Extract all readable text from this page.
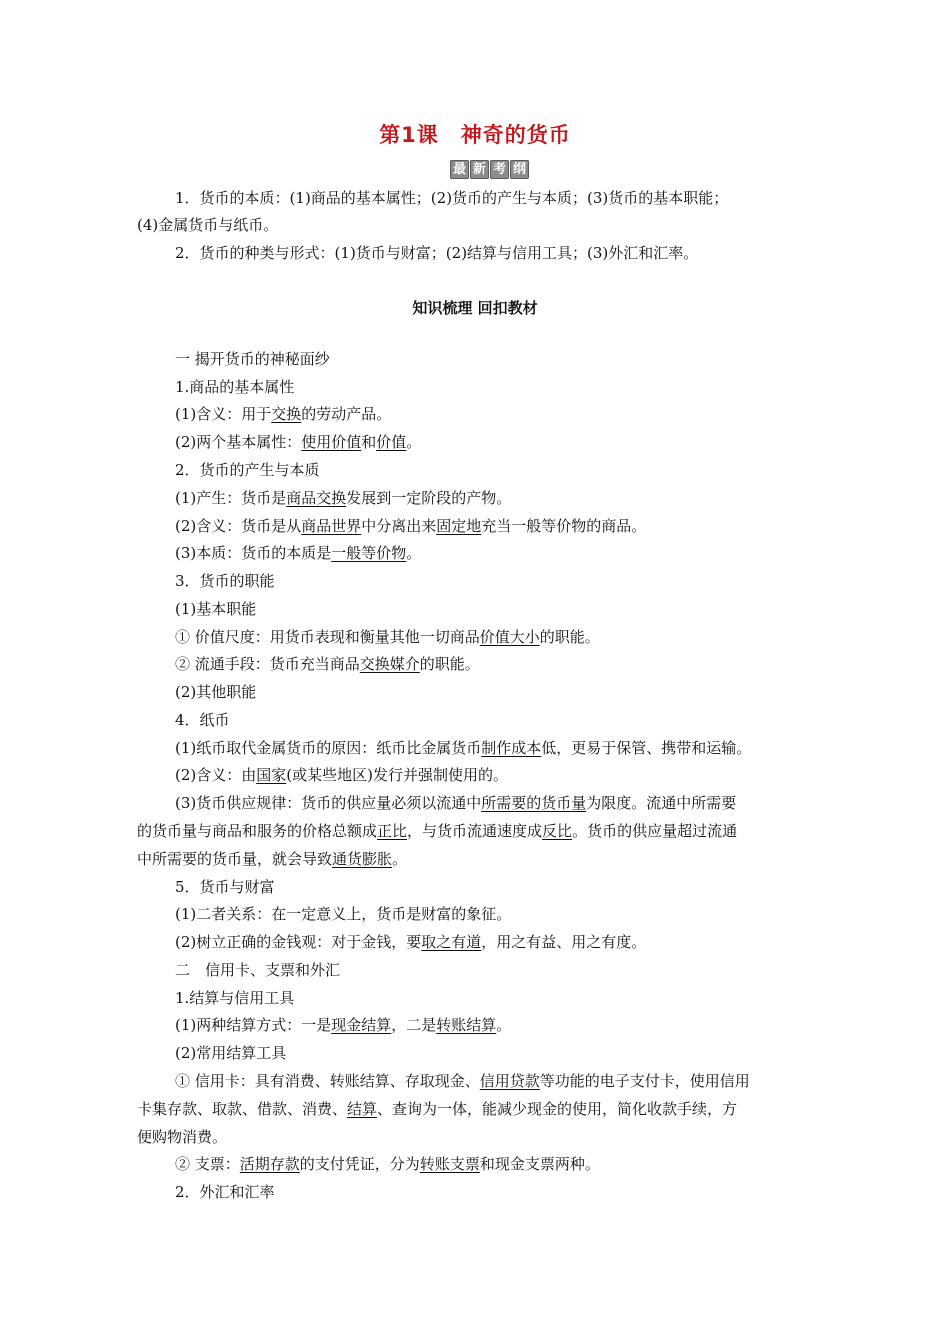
第1课　神奇的货币
最 新 考 纲
1．货币的本质：(1)商品的基本属性；(2)货币的产生与本质；(3)货币的基本职能；
(4)金属货币与纸币。
2．货币的种类与形式：(1)货币与财富；(2)结算与信用工具；(3)外汇和汇率。
知识梳理 回扣教材
一 揭开货币的神秘面纱
1.商品的基本属性
(1)含义：用于交换的劳动产品。
(2)两个基本属性：使用价值和价值。
2．货币的产生与本质
(1)产生：货币是商品交换发展到一定阶段的产物。
(2)含义：货币是从商品世界中分离出来固定地充当一般等价物的商品。
(3)本质：货币的本质是一般等价物。
3．货币的职能
(1)基本职能
① 价值尺度：用货币表现和衡量其他一切商品价值大小的职能。
② 流通手段：货币充当商品交换媒介的职能。
(2)其他职能
4．纸币
(1)纸币取代金属货币的原因：纸币比金属货币制作成本低，更易于保管、携带和运输。
(2)含义：由国家(或某些地区)发行并强制使用的。
(3)货币供应规律：货币的供应量必须以流通中所需要的货币量为限度。流通中所需要
的货币量与商品和服务的价格总额成正比，与货币流通速度成反比。货币的供应量超过流通
中所需要的货币量，就会导致通货膨胀。
5．货币与财富
(1)二者关系：在一定意义上，货币是财富的象征。
(2)树立正确的金钱观：对于金钱，要取之有道，用之有益、用之有度。
二　信用卡、支票和外汇
1.结算与信用工具
(1)两种结算方式：一是现金结算，二是转账结算。
(2)常用结算工具
① 信用卡：具有消费、转账结算、存取现金、信用贷款等功能的电子支付卡，使用信用
卡集存款、取款、借款、消费、结算、查询为一体，能减少现金的使用，简化收款手续，方
便购物消费。
② 支票：活期存款的支付凭证，分为转账支票和现金支票两种。
2．外汇和汇率
